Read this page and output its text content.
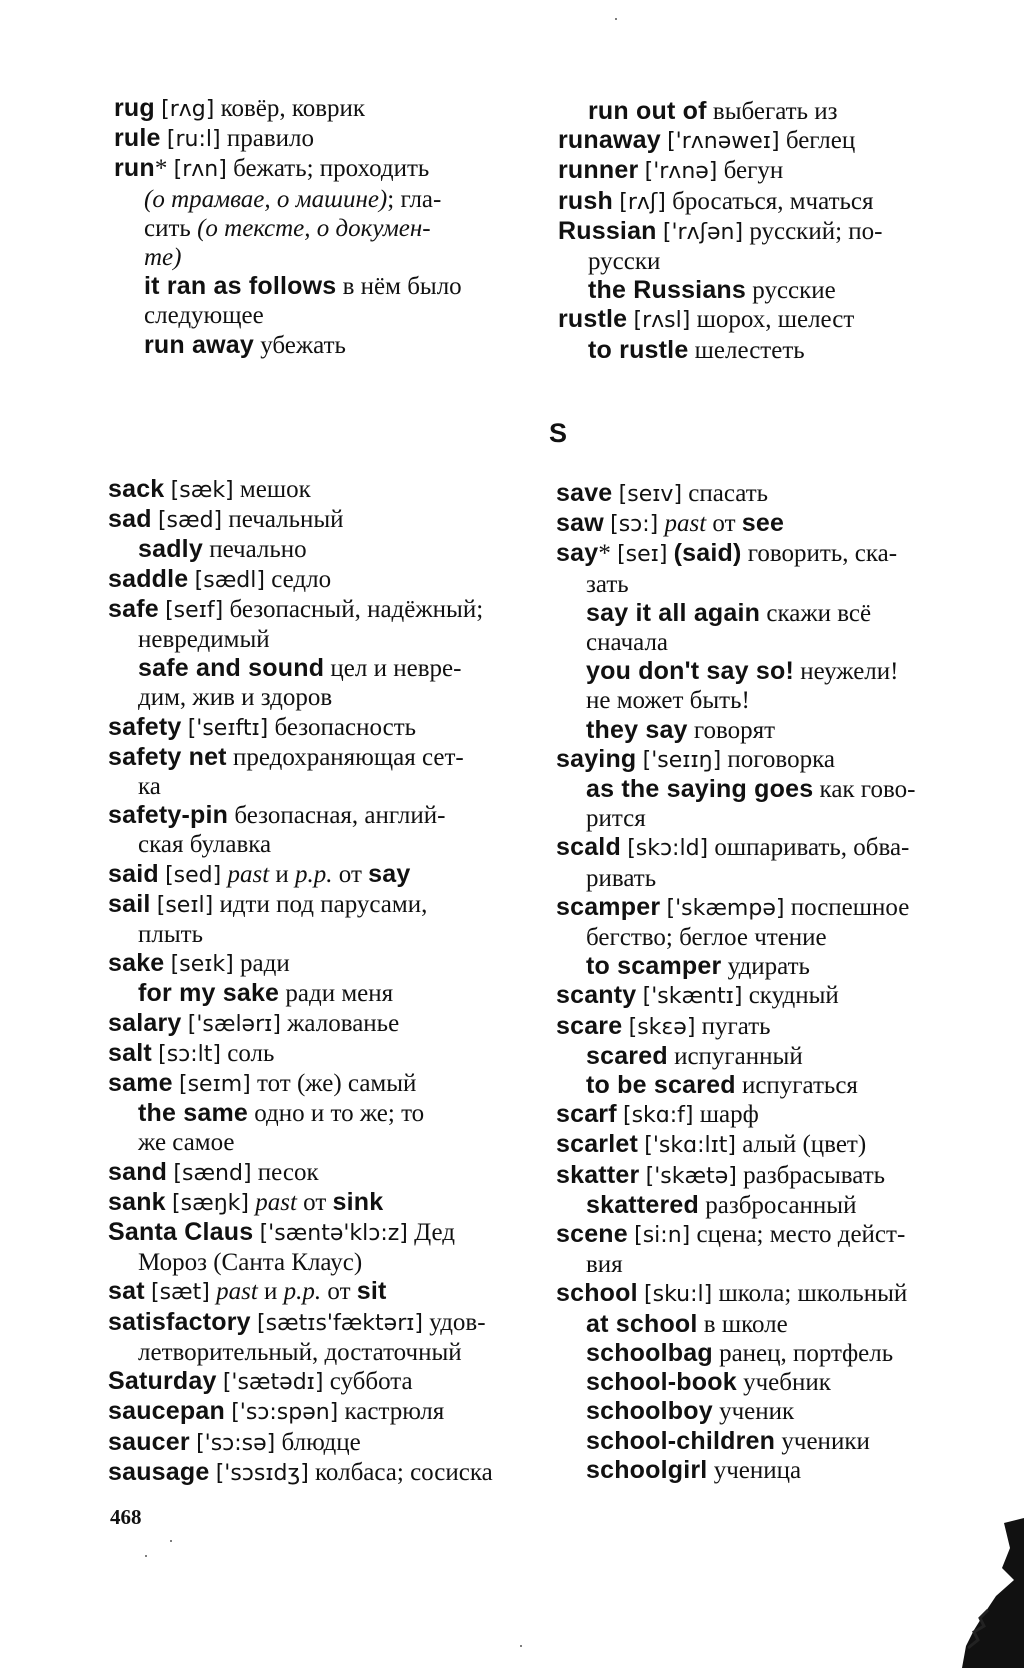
rug [rʌg] ковёр, коврик
rule [ru:l] правило
run* [rʌn] бежать; проходить
(о трамвае, о машине); гла-
сить (о тексте, о докумен-
те)
it ran as follows в нём было
следующее
run away убежать
run out of выбегать из
runaway ['rʌnəweɪ] беглец
runner ['rʌnə] бегун
rush [rʌʃ] бросаться, мчаться
Russian ['rʌʃən] русский; по-
русски
the Russians русские
rustle [rʌsl] шорох, шелест
to rustle шелестеть
S
sack [sæk] мешок
sad [sæd] печальный
sadly печально
saddle [sædl] седло
safe [seɪf] безопасный, надёжный;
невредимый
safe and sound цел и невре-
дим, жив и здоров
safety ['seɪftɪ] безопасность
safety net предохраняющая сет-
ка
safety-pin безопасная, англий-
ская булавка
said [sed] past и p.p. от say
sail [seɪl] идти под парусами,
плыть
sake [seɪk] ради
for my sake ради меня
salary ['sælərɪ] жалованье
salt [sɔ:lt] соль
same [seɪm] тот (же) самый
the same одно и то же; то
же самое
sand [sænd] песок
sank [sæŋk] past от sink
Santa Claus ['sæntə'klɔ:z] Дед
Мороз (Санта Клаус)
sat [sæt] past и p.p. от sit
satisfactory [sætɪs'fæktərɪ] удов-
летворительный, достаточный
Saturday ['sætədɪ] суббота
saucepan ['sɔ:spən] кастрюля
saucer ['sɔ:sə] блюдце
sausage ['sɔsɪdʒ] колбаса; сосиска
save [seɪv] спасать
saw [sɔ:] past от see
say* [seɪ] (said) говорить, ска-
зать
say it all again скажи всё
сначала
you don't say so! неужели!
не может быть!
they say говорят
saying ['seɪɪŋ] поговорка
as the saying goes как гово-
рится
scald [skɔ:ld] ошпаривать, обва-
ривать
scamper ['skæmpə] поспешное
бегство; беглое чтение
to scamper удирать
scanty ['skæntɪ] скудный
scare [skɛə] пугать
scared испуганный
to be scared испугаться
scarf [skɑ:f] шарф
scarlet ['skɑ:lɪt] алый (цвет)
skatter ['skætə] разбрасывать
skattered разбросанный
scene [si:n] сцена; место дейст-
вия
school [sku:l] школа; школьный
at school в школе
schoolbag ранец, портфель
school-book учебник
schoolboy ученик
school-children ученики
schoolgirl ученица
468
